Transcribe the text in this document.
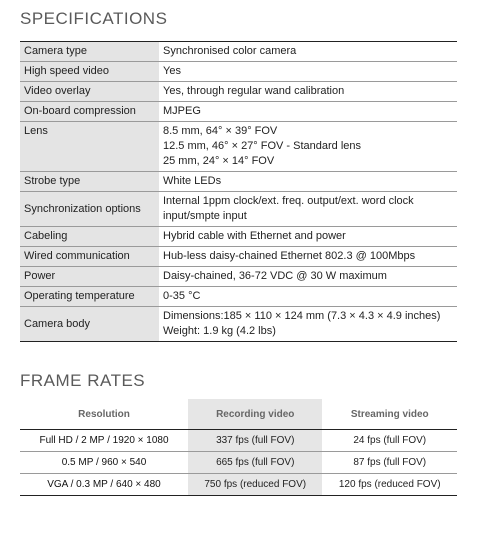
SPECIFICATIONS
Camera type	Synchronised color camera

High speed video	Yes

Video overlay	Yes, through regular wand calibration

On-board compression	MJPEG

Lens	8.5 mm, 64° × 39° FOV
12.5 mm, 46° × 27° FOV - Standard lens
25 mm, 24° × 14° FOV

Strobe type	White LEDs

Synchronization options	Internal 1ppm clock/ext. freq. output/ext. word clock
input/smpte input

Cabeling	Hybrid cable with Ethernet and power

Wired communication	Hub-less daisy-chained Ethernet 802.3 @ 100Mbps

Power	Daisy-chained, 36-72 VDC @ 30 W maximum

Operating temperature	0-35 °C

Camera body	Dimensions:185 × 110 × 124 mm (7.3 × 4.3 × 4.9 inches)
Weight: 1.9 kg (4.2 lbs)
FRAME RATES
Resolution	Recording video	Streaming video
Full HD / 2 MP / 1920 × 1080	337 fps (full FOV)	24 fps (full FOV)
0.5 MP / 960 × 540	665 fps (full FOV)	87 fps (full FOV)
VGA / 0.3 MP / 640 × 480	750 fps (reduced FOV)	120 fps (reduced FOV)
